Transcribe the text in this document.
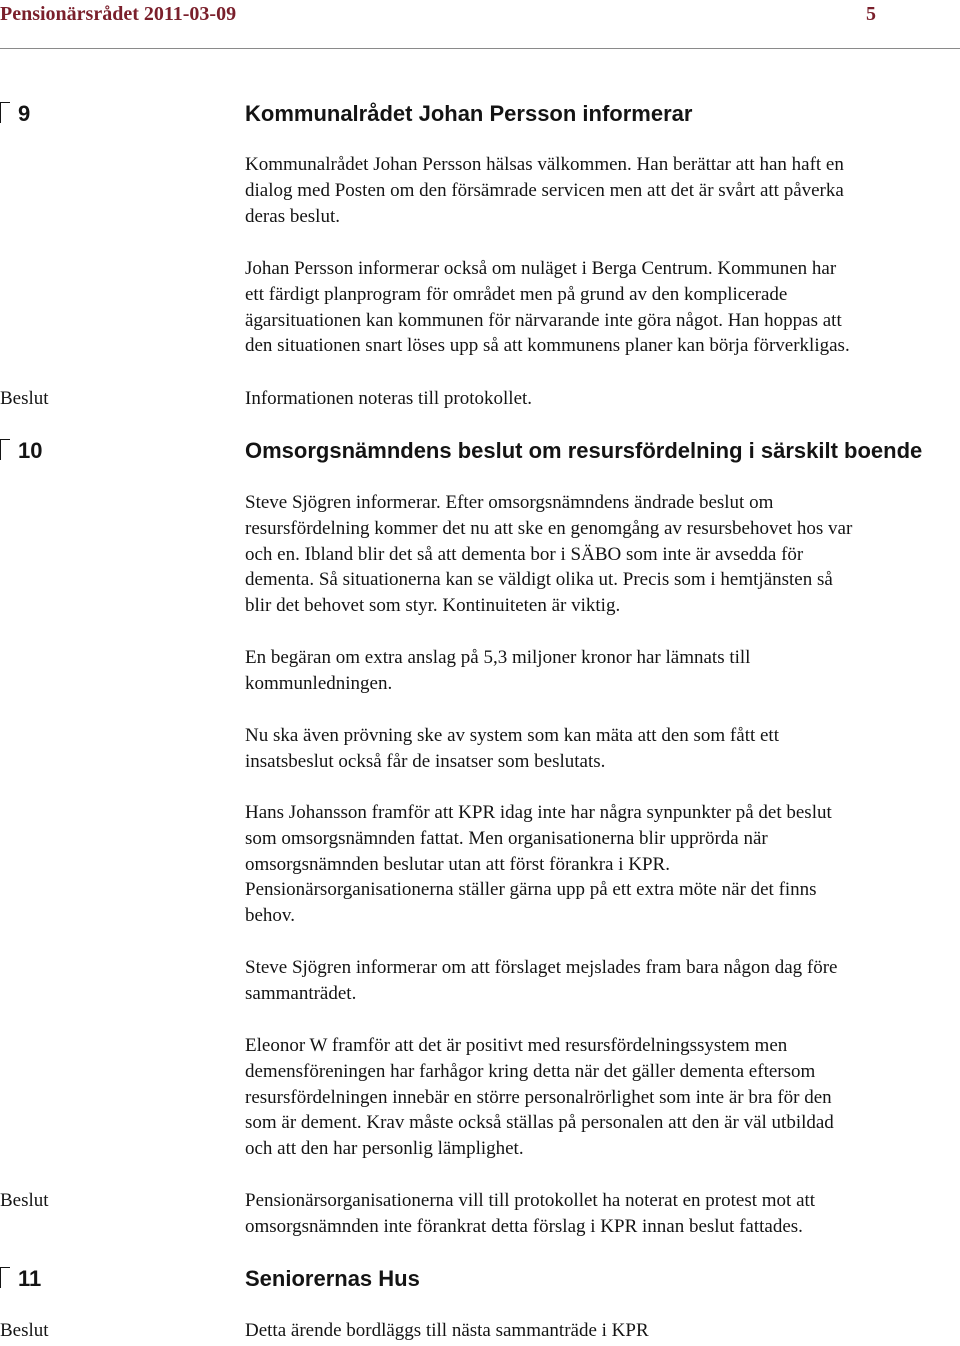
Pensionärsrådet 2011-03-09	5
9	Kommunalrådet Johan Persson informerar

Kommunalrådet Johan Persson hälsas välkommen. Han berättar att han haft en
dialog med Posten om den försämrade servicen men att det är svårt att påverka
deras beslut.

Johan Persson informerar också om nuläget i Berga Centrum. Kommunen har
ett färdigt planprogram för området men på grund av den komplicerade
ägarsituationen kan kommunen för närvarande inte göra något. Han hoppas att
den situationen snart löses upp så att kommunens planer kan börja förverkligas.

Beslut	Informationen noteras till protokollet.

10	Omsorgsnämndens beslut om resursfördelning i särskilt boende

Steve Sjögren informerar. Efter omsorgsnämndens ändrade beslut om
resursfördelning kommer det nu att ske en genomgång av resursbehovet hos var
och en. Ibland blir det så att dementa bor i SÄBO som inte är avsedda för
dementa. Så situationerna kan se väldigt olika ut. Precis som i hemtjänsten så
blir det behovet som styr. Kontinuiteten är viktig.

En begäran om extra anslag på 5,3 miljoner kronor har lämnats till
kommunledningen.

Nu ska även prövning ske av system som kan mäta att den som fått ett
insatsbeslut också får de insatser som beslutats.

Hans Johansson framför att KPR idag inte har några synpunkter på det beslut
som omsorgsnämnden fattat. Men organisationerna blir upprörda när
omsorgsnämnden beslutar utan att först förankra i KPR.
Pensionärsorganisationerna ställer gärna upp på ett extra möte när det finns
behov.

Steve Sjögren informerar om att förslaget mejslades fram bara någon dag före
sammanträdet.

Eleonor W framför att det är positivt med resursfördelningssystem men
demensföreningen har farhågor kring detta när det gäller dementa eftersom
resursfördelningen innebär en större personalrörlighet som inte är bra för den
som är dement. Krav måste också ställas på personalen att den är väl utbildad
och att den har personlig lämplighet.

Beslut	Pensionärsorganisationerna vill till protokollet ha noterat en protest mot att
omsorgsnämnden inte förankrat detta förslag i KPR innan beslut fattades.

11	Seniorernas Hus
Beslut	Detta ärende bordläggs till nästa sammanträde i KPR
